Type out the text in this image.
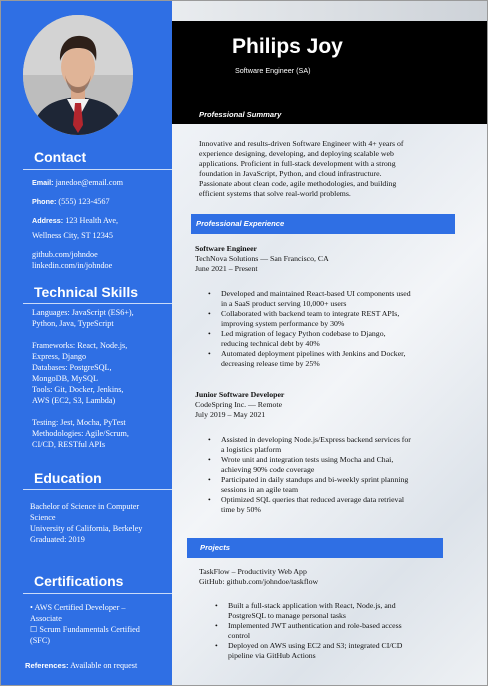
Contact

Email: janedoe@email.com

Phone: (555) 123-4567

Address: 123 Health Ave,

Wellness City, ST 12345

github.com/johndoe

linkedin.com/in/johndoe

Technical Skills

Languages: JavaScript (ES6+),

Python, Java, TypeScript

Frameworks: React, Node.js,

Express, Django

Databases: PostgreSQL,

MongoDB, MySQL

Tools: Git, Docker, Jenkins,

AWS (EC2, S3, Lambda)

Testing: Jest, Mocha, PyTest

Methodologies: Agile/Scrum,

CI/CD, RESTful APIs

Education

Bachelor of Science in Computer

Science

University of California, Berkeley

Graduated: 2019

Certifications

• AWS Certified Developer –

Associate

☐ Scrum Fundamentals Certified

(SFC)

References: Available on request

Philips Joy
Software Engineer (SA)
Professional Summary

Innovative and results-driven Software Engineer with 4+ years of

experience designing, developing, and deploying scalable web

applications. Proficient in full-stack development with a strong

foundation in JavaScript, Python, and cloud infrastructure.

Passionate about clean code, agile methodologies, and building

efficient systems that solve real-world problems.

Professional Experience

Software Engineer

TechNova Solutions — San Francisco, CA

June 2021 – Present

• Developed and maintained React-based UI components used
in a SaaS product serving 10,000+ users
• Collaborated with backend team to integrate REST APIs,
improving system performance by 30%
• Led migration of legacy Python codebase to Django,
reducing technical debt by 40%
• Automated deployment pipelines with Jenkins and Docker,
decreasing release time by 25%

Junior Software Developer

CodeSpring Inc. — Remote

July 2019 – May 2021

• Assisted in developing Node.js/Express backend services for
a logistics platform
• Wrote unit and integration tests using Mocha and Chai,
achieving 90% code coverage
• Participated in daily standups and bi-weekly sprint planning
sessions in an agile team
• Optimized SQL queries that reduced average data retrieval
time by 50%
Projects

TaskFlow – Productivity Web App

GitHub: github.com/johndoe/taskflow

• Built a full-stack application with React, Node.js, and
PostgreSQL to manage personal tasks
• Implemented JWT authentication and role-based access
control
• Deployed on AWS using EC2 and S3; integrated CI/CD
pipeline via GitHub Actions
